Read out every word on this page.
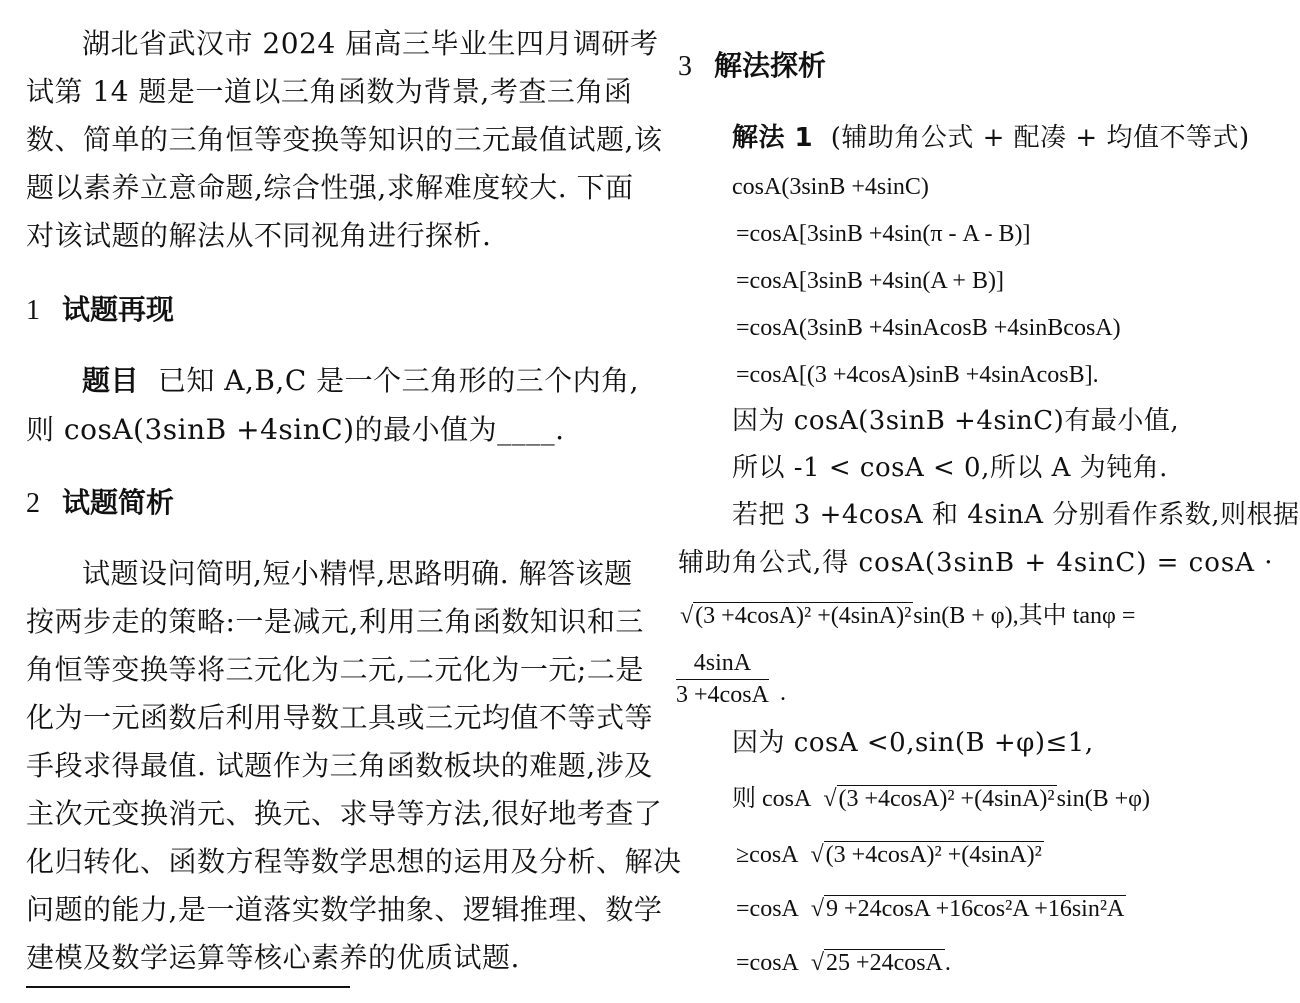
湖北省武汉市 2024 届高三毕业生四月调研考
试第 14 题是一道以三角函数为背景,考查三角函
数、简单的三角恒等变换等知识的三元最值试题,该
题以素养立意命题,综合性强,求解难度较大. 下面
对该试题的解法从不同视角进行探析.
1 试题再现
题目 已知 A,B,C 是一个三角形的三个内角,
则 cosA(3sinB +4sinC)的最小值为____.
2 试题简析
试题设问简明,短小精悍,思路明确. 解答该题
按两步走的策略:一是减元,利用三角函数知识和三
角恒等变换等将三元化为二元,二元化为一元;二是
化为一元函数后利用导数工具或三元均值不等式等
手段求得最值. 试题作为三角函数板块的难题,涉及
主次元变换消元、换元、求导等方法,很好地考查了
化归转化、函数方程等数学思想的运用及分析、解决
问题的能力,是一道落实数学抽象、逻辑推理、数学
建模及数学运算等核心素养的优质试题.
3 解法探析
解法 1 (辅助角公式 + 配凑 + 均值不等式)
cosA(3sinB +4sinC)
=cosA[3sinB +4sin(π - A - B)]
=cosA[3sinB +4sin(A + B)]
=cosA(3sinB +4sinAcosB +4sinBcosA)
=cosA[(3 +4cosA)sinB +4sinAcosB].
因为 cosA(3sinB +4sinC)有最小值,
所以 -1 < cosA < 0,所以 A 为钝角.
若把 3 +4cosA 和 4sinA 分别看作系数,则根据
辅助角公式,得 cosA(3sinB + 4sinC) = cosA ·
√(3 +4cosA)² +(4sinA)²sin(B + φ),其中 tanφ =
$\frac{4\sin A}{3 +4\cos A}$ .
因为 cosA <0,sin(B +φ)≤1,
则 cosA  √(3 +4cosA)² +(4sinA)²sin(B +φ)
≥cosA  √(3 +4cosA)² +(4sinA)²
=cosA  √9 +24cosA +16cos²A +16sin²A
=cosA  √25 +24cosA.
